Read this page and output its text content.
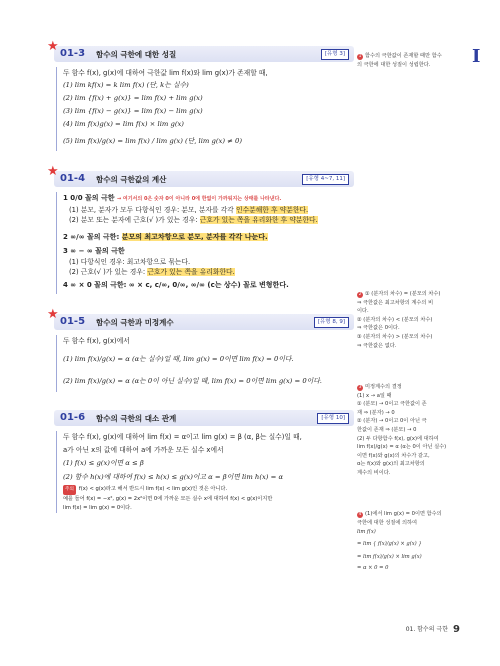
I
★ 01-3 함수의 극한에 대한 성질	[유형 3]
두 함수 f(x), g(x)에 대하여 극한값 lim f(x)와 lim g(x)가 존재할 때,
(1) lim kf(x) = k lim f(x) (단, k는 실수)
(2) lim {f(x) + g(x)} = lim f(x) + lim g(x)
(3) lim {f(x) − g(x)} = lim f(x) − lim g(x)
(4) lim f(x)g(x) = lim f(x) × lim g(x)
(5) lim f(x)/g(x) = lim f(x) / lim g(x) (단, lim g(x) ≠ 0)
★ 01-4 함수의 극한값의 계산	[유형 4~7, 11]
1 0/0 꼴의 극한 → 여기서의 0은 숫자 0이 아니라 0에 한없이 가까워지는 상태를 나타낸다.
(1) 분모, 분자가 모두 다항식인 경우: 분모, 분자를 각각 인수분해한 후 약분한다.
(2) 분모 또는 분자에 근호(√ )가 있는 경우: 근호가 있는 쪽을 유리화한 후 약분한다.
2 ∞/∞ 꼴의 극한: 분모의 최고차항으로 분모, 분자를 각각 나눈다.
3 ∞ − ∞ 꼴의 극한
(1) 다항식인 경우: 최고차항으로 묶는다.
(2) 근호(√ )가 있는 경우: 근호가 있는 쪽을 유리화한다.
4 ∞ × 0 꼴의 극한: ∞ × c, c/∞, 0/∞, ∞/∞ (c는 상수) 꼴로 변형한다.
★ 01-5 함수의 극한과 미정계수	[유형 8, 9]
두 함수 f(x), g(x)에서
(1) lim f(x)/g(x) = α (α는 실수)일 때, lim g(x) = 0이면 lim f(x) = 0이다.
(2) lim f(x)/g(x) = α (α는 0이 아닌 실수)일 때, lim f(x) = 0이면 lim g(x) = 0이다.
01-6 함수의 극한의 대소 관계	[유형 10]
두 함수 f(x), g(x)에 대하여 lim f(x) = α이고 lim g(x) = β (α, β는 실수)일 때,
a가 아닌 x의 값에 대하여 a에 가까운 모든 실수 x에서
(1) f(x) ≤ g(x)이면 α ≤ β
(2) 함수 h(x)에 대하여 f(x) ≤ h(x) ≤ g(x)이고 α = β이면 lim h(x) = α
주의 f(x) < g(x)라고 해서 반드시 lim f(x) < lim g(x)인 것은 아니다.
예를 들어 f(x) = −x², g(x) = 2x²이면 0에 가까운 모든 실수 x에 대하여 f(x) < g(x)이지만
lim f(x) = lim g(x) = 0이다.
1 함수의 극한값이 존재할 때만 함수
의 극한에 대한 성질이 성립한다.
2 ① (분자의 차수) = (분모의 차수)
⇒ 극한값은 최고차항의 계수의 비
이다.
② (분자의 차수) < (분모의 차수)
⇒ 극한값은 0이다.
③ (분자의 차수) > (분모의 차수)
⇒ 극한값은 없다.
3 미정계수의 결정
(1) x → a일 때
① (분모) → 0이고 극한값이 존
재 ⇒ (분자) → 0
② (분자) → 0이고 0이 아닌 극
한값이 존재 ⇒ (분모) → 0
(2) 두 다항함수 f(x), g(x)에 대하여
lim f(x)/g(x) = α (α는 0이 아닌 실수)
이면 f(x)와 g(x)의 차수가 같고,
α는 f(x)와 g(x)의 최고차항의
계수의 비이다.
4 (1)에서 lim g(x) = 0이면 함수의
극한에 대한 성질에 의하여
lim f(x)
= lim { f(x)/g(x) × g(x) }
= lim f(x)/g(x) × lim g(x)
= α × 0 = 0
01. 함수의 극한 9
